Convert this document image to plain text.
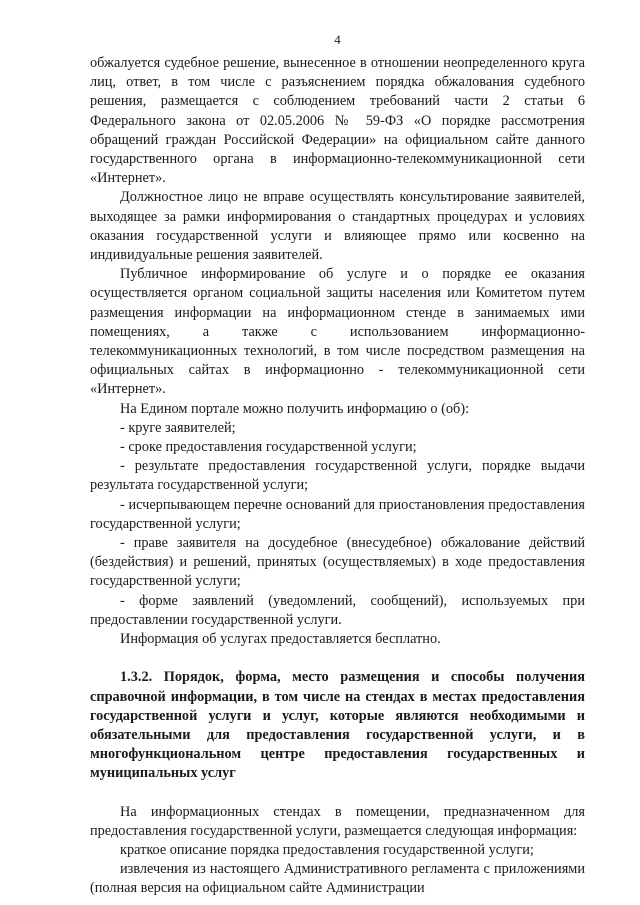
4

обжалуется судебное решение, вынесенное в отношении неопределенного круга лиц, ответ, в том числе с разъяснением порядка обжалования судебного решения, размещается с соблюдением требований части 2 статьи 6 Федерального закона от 02.05.2006 № 59-ФЗ «О порядке рассмотрения обращений граждан Российской Федерации» на официальном сайте данного государственного органа в информационно-телекоммуникационной сети «Интернет».

Должностное лицо не вправе осуществлять консультирование заявителей, выходящее за рамки информирования о стандартных процедурах и условиях оказания государственной услуги и влияющее прямо или косвенно на индивидуальные решения заявителей.

Публичное информирование об услуге и о порядке ее оказания осуществляется органом социальной защиты населения или Комитетом путем размещения информации на информационном стенде в занимаемых ими помещениях, а также с использованием информационно-телекоммуникационных технологий, в том числе посредством размещения на официальных сайтах в информационно - телекоммуникационной сети «Интернет».

На Едином портале можно получить информацию о (об):

- круге заявителей;

- сроке предоставления государственной услуги;

- результате предоставления государственной услуги, порядке выдачи результата государственной услуги;

- исчерпывающем перечне оснований для приостановления предоставления государственной услуги;

- праве заявителя на досудебное (внесудебное) обжалование действий (бездействия) и решений, принятых (осуществляемых) в ходе предоставления государственной услуги;

- форме заявлений (уведомлений, сообщений), используемых при предоставлении государственной услуги.

Информация об услугах предоставляется бесплатно.

1.3.2. Порядок, форма, место размещения и способы получения справочной информации, в том числе на стендах в местах предоставления государственной услуги и услуг, которые являются необходимыми и обязательными для предоставления государственной услуги, и в многофункциональном центре предоставления государственных и муниципальных услуг

На информационных стендах в помещении, предназначенном для предоставления государственной услуги, размещается следующая информация:

краткое описание порядка предоставления государственной услуги;

извлечения из настоящего Административного регламента с приложениями (полная версия на официальном сайте Администрации
